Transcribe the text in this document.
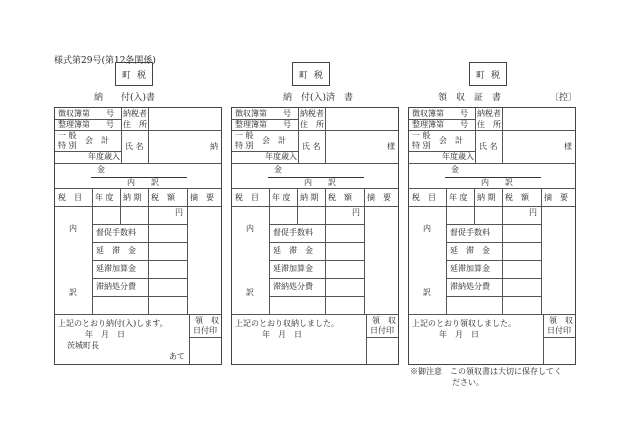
様式第29号(第12条関係)
町税
納　　付(入)書
徴収簿第　　号
整理簿第　　号
納税者
住　所
一 般
特 別
会　計
氏 名	納
年度歳入
金
内　　訳
税　目 年 度 納 期 税　額 摘　要
円
内
訳
督促手数料
延　滞　金
延滞加算金
滞納処分費
上記のとおり納付(入)します。
年　月　日
茨城町長
あて
領　収
日付印
町税
納　付(入)済　書
徴収簿第　　号
整理簿第　　号
納税者
住　所
一 般
特 別
会　計
氏 名	様
年度歳入
金
内　　訳
税　目 年 度 納 期 税　額 摘　要
円
内
訳
督促手数料
延　滞　金
延滞加算金
滞納処分費
上記のとおり収納しました。
年　月　日
領　収
日付印
町税
領　収　証　書	〔控〕
徴収簿第　　号
整理簿第　　号
納税者
住　所
一 般
特 別
会　計
氏 名	様
年度歳入
金
内　　訳
税　目 年 度 納 期 税　額 摘　要
円
内
訳
督促手数料
延　滞　金
延滞加算金
滞納処分費
上記のとおり領収しました。
年　月　日
領　収
日付印
※御注意　この領収書は大切に保存してく
ださい。
